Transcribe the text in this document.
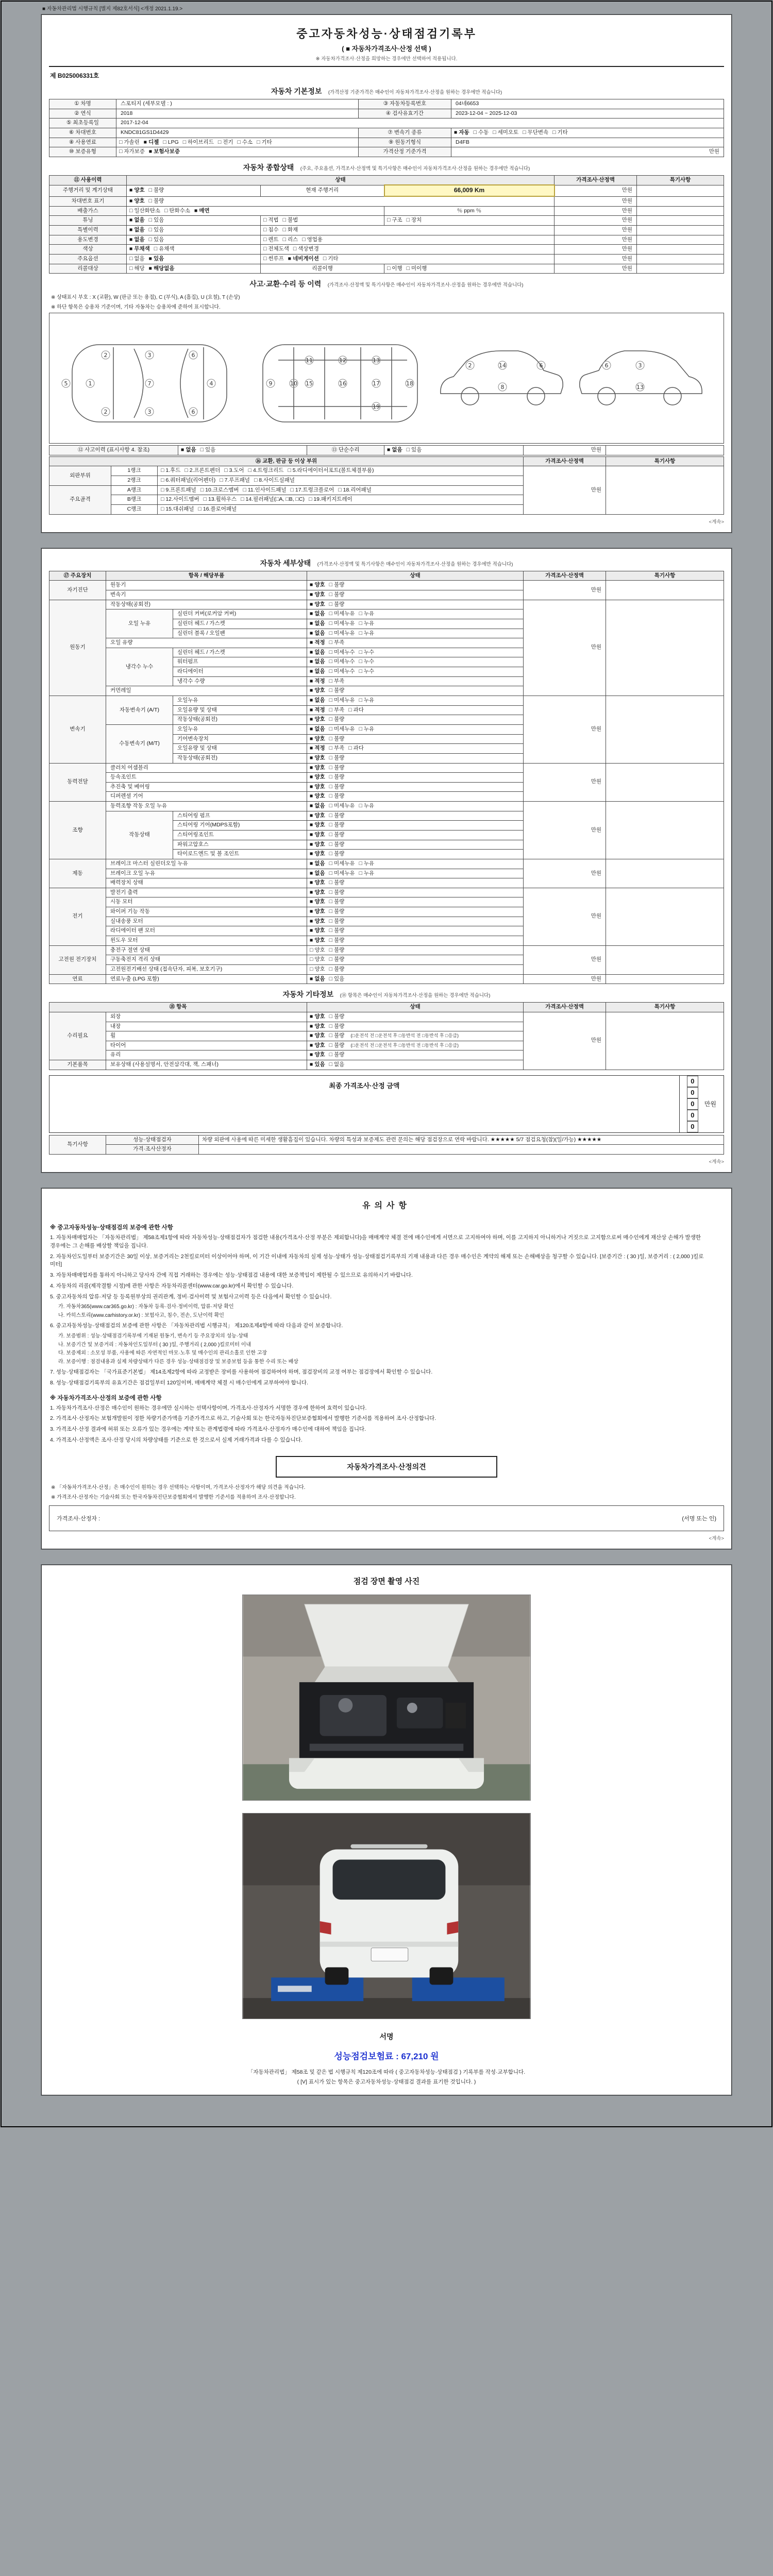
■ 자동차관리법 시행규칙 [별지 제82호서식] <개정 2021.1.19.>
중고자동차성능·상태점검기록부
( ■ 자동차가격조사·산정 선택 )
※ 자동차가격조사·산정을 희망하는 경우에만 선택하여 적용됩니다.
제 B025006331호
자동차 기본정보 (가격산정 기준가격은 매수인이 자동차가격조사·산정을 원하는 경우에만 적습니다)
① 차명	스포티지 (세부모델 : )	③ 자동차등록번호	04네6653
② 연식	2018	④ 검사유효기간	2023-12-04 ~ 2025-12-03
⑤ 최초등록일	2017-12-04		
⑥ 차대번호	KNDC81GS1D4429	⑦ 변속기 종류	■ 자동 □ 수동 □ 세미오토 □ 무단변속 □ 기타
⑧ 사용연료	□ 가솔린 ■ 디젤 □ LPG □ 하이브리드 □ 전기 □ 수소 □ 기타	⑨ 원동기형식	D4FB
⑩ 보증유형	□ 자가보증 ■ 보험사보증	가격산정 기준가격	만원
자동차 종합상태 (주요, 주요옵션, 가격조사·산정액 및 특기사항은 매수인이 자동차가격조사·산정을 원하는 경우에만 적습니다)
⑪ 사용이력	상태			가격조사·산정액	특기사항
주행거리 및 계기상태	■ 양호 □ 불량	현재 주행거리	66,009 Km	만원	
차대번호 표기	■ 양호 □ 불량			만원	
배출가스	□ 일산화탄소 □ 탄화수소 ■ 매연		％ ppm ％	만원	
튜닝	■ 없음 □ 있음	□ 적법 □ 불법	□ 구조 □ 장치	만원	
특별이력	■ 없음 □ 있음	□ 침수 □ 화재		만원	
용도변경	■ 없음 □ 있음	□ 렌트 □ 리스 □ 영업용		만원	
색상	■ 무채색 □ 유채색	□ 전체도색 □ 색상변경		만원	
주요옵션	□ 없음 ■ 있음	□ 썬루프 ■ 네비게이션 □ 기타		만원	
리콜대상	□ 해당 ■ 해당없음	리콜이행	□ 이행 □ 미이행	만원	
사고·교환·수리 등 이력 (가격조사·산정액 및 특기사항은 매수인이 자동차가격조사·산정을 원하는 경우에만 적습니다)
※ 상태표시 부호 : X (교환), W (판금 또는 용접), C (부식), A (흠집), U (요철), T (손상)
※ 하단 항목은 승용차 기준이며, 기타 자동차는 승용차에 준하여 표시합니다.
5
2	3	6
1	7	4
2	3	6
9	10
11	12	13
15	16	17	18
19
2	14	6
8
6	3
13
⑫ 사고이력 (표시사항 4. 참조)	■ 없음 □ 있음	⑬ 단순수리	■ 없음 □ 있음	만원	
⑯ 교환, 판금 등 이상 부위			가격조사·산정액	특기사항
외판부위	1랭크	□ 1.후드 □ 2.프론트펜더 □ 3.도어 □ 4.트렁크리드 □ 5.라디에이터서포트(볼트체결부품)	만원	
	2랭크	□ 6.쿼터패널(리어펜더) □ 7.루프패널 □ 8.사이드실패널		
주요골격	A랭크	□ 9.프론트패널 □ 10.크로스멤버 □ 11.인사이드패널 □ 17.트렁크플로어 □ 18.리어패널		
	B랭크	□ 12.사이드멤버 □ 13.휠하우스 □ 14.필러패널(□A, □B, □C) □ 19.패키지트레이		
	C랭크	□ 15.대쉬패널 □ 16.플로어패널		
<계속>
자동차 세부상태 (가격조사·산정액 및 특기사항은 매수인이 자동차가격조사·산정을 원하는 경우에만 적습니다)
⑰ 주요장치	항목 / 해당부품		상태	가격조사·산정액	특기사항
자기진단	원동기		■ 양호 □ 불량	만원	
	변속기		■ 양호 □ 불량		
원동기	작동상태(공회전)		■ 양호 □ 불량	만원	
	오일 누유	실린더 커버(로커암 커버)	■ 없음 □ 미세누유 □ 누유		
		실린더 헤드 / 가스켓	■ 없음 □ 미세누유 □ 누유		
		실린더 블록 / 오일팬	■ 없음 □ 미세누유 □ 누유		
	오일 유량		■ 적정 □ 부족		
	냉각수 누수	실린더 헤드 / 가스켓	■ 없음 □ 미세누수 □ 누수		
		워터펌프	■ 없음 □ 미세누수 □ 누수		
		라디에이터	■ 없음 □ 미세누수 □ 누수		
		냉각수 수량	■ 적정 □ 부족		
	커먼레일		■ 양호 □ 불량		
변속기	자동변속기 (A/T)	오일누유	■ 없음 □ 미세누유 □ 누유	만원	
		오일유량 및 상태	■ 적정 □ 부족 □ 과다		
		작동상태(공회전)	■ 양호 □ 불량		
	수동변속기 (M/T)	오일누유	■ 없음 □ 미세누유 □ 누유		
		기어변속장치	■ 양호 □ 불량		
		오일유량 및 상태	■ 적정 □ 부족 □ 과다		
		작동상태(공회전)	■ 양호 □ 불량		
동력전달	클러치 어셈블리		■ 양호 □ 불량	만원	
	등속조인트		■ 양호 □ 불량		
	추진축 및 베어링		■ 양호 □ 불량		
	디퍼렌셜 기어		■ 양호 □ 불량		
조향	동력조향 작동 오일 누유		■ 없음 □ 미세누유 □ 누유	만원	
	작동상태	스티어링 펌프	■ 양호 □ 불량		
		스티어링 기어(MDPS포함)	■ 양호 □ 불량		
		스티어링조인트	■ 양호 □ 불량		
		파워고압호스	■ 양호 □ 불량		
		타이로드엔드 및 볼 조인트	■ 양호 □ 불량		
제동	브레이크 마스터 실린더오일 누유		■ 없음 □ 미세누유 □ 누유	만원	
	브레이크 오일 누유		■ 없음 □ 미세누유 □ 누유		
	배력장치 상태		■ 양호 □ 불량		
전기	발전기 출력		■ 양호 □ 불량	만원	
	시동 모터		■ 양호 □ 불량		
	와이퍼 기능 작동		■ 양호 □ 불량		
	실내송풍 모터		■ 양호 □ 불량		
	라디에이터 팬 모터		■ 양호 □ 불량		
	윈도우 모터		■ 양호 □ 불량		
고전원 전기장치	충전구 절연 상태		□ 양호 □ 불량	만원	
	구동축전지 격리 상태		□ 양호 □ 불량		
	고전원전기배선 상태 (접속단자, 피복, 보호기구)		□ 양호 □ 불량		
연료	연료누출 (LPG 포함)		■ 없음 □ 있음	만원	
자동차 기타정보 (⑱ 항목은 매수인이 자동차가격조사·산정을 원하는 경우에만 적습니다)
⑱ 항목		상태	가격조사·산정액	특기사항
수리필요	외장	■ 양호 □ 불량	만원	
	내장	■ 양호 □ 불량		
	휠	■ 양호 □ 불량 (□운전석 전 □운전석 후 □동반석 전 □동반석 후 □응급)		
	타이어	■ 양호 □ 불량 (□운전석 전 □운전석 후 □동반석 전 □동반석 후 □응급)		
	유리	■ 양호 □ 불량		
기본품목	보유상태 (사용설명서, 안전삼각대, 잭, 스패너)	■ 있음 □ 없음		
최종 가격조사·산정 금액
0
0
0
0
0
만원
특기사항	성능·상태점검자	차량 외판에 사용에 따른 미세한 생활흠집이 있습니다. 차량의 특성과 보증제도 관련 문의는 해당 점검장으로 연락 바랍니다. ★★★★★ 5/7 점검요청(참)(일/가능) ★★★★★
	가격·조사산정자	
<계속>
유의사항
※ 중고자동차성능·상태점검의 보증에 관한 사항
1. 자동차매매업자는 「자동차관리법」 제58조제1항에 따라 자동차성능·상태점검자가 점검한 내용(가격조사·산정 부분은 제외합니다)을 매매계약 체결 전에 매수인에게 서면으로 고지하여야 하며, 이를 고지하지 아니하거나 거짓으로 고지함으로써 매수인에게 재산상 손해가 발생한 경우에는 그 손해를 배상할 책임을 집니다.
2. 자동차인도일부터 보증기간은 30일 이상, 보증거리는 2천킬로미터 이상이어야 하며, 이 기간 이내에 자동차의 실제 성능·상태가 성능·상태점검기록부의 기재 내용과 다른 경우 매수인은 계약의 해제 또는 손해배상을 청구할 수 있습니다. [보증기간 : ( 30 )일, 보증거리 : ( 2,000 )킬로미터]
3. 자동차매매업자를 통하지 아니하고 당사자 간에 직접 거래하는 경우에는 성능·상태점검 내용에 대한 보증책임이 제한될 수 있으므로 유의하시기 바랍니다.
4. 자동차의 리콜(제작결함 시정)에 관한 사항은 자동차리콜센터(www.car.go.kr)에서 확인할 수 있습니다.
5. 중고자동차의 압류·저당 등 등록원부상의 권리관계, 정비·검사이력 및 보험사고이력 등은 다음에서 확인할 수 있습니다.
가. 자동차365(www.car365.go.kr) : 자동차 등록·검사·정비이력, 압류·저당 확인
나. 카히스토리(www.carhistory.or.kr) : 보험사고, 침수, 전손, 도난이력 확인
6. 중고자동차성능·상태점검의 보증에 관한 사항은 「자동차관리법 시행규칙」 제120조제4항에 따라 다음과 같이 보증합니다.
가. 보증범위 : 성능·상태점검기록부에 기재된 원동기, 변속기 등 주요장치의 성능·상태
나. 보증기간 및 보증거리 : 자동차인도일부터 ( 30 )일, 주행거리 ( 2,000 )킬로미터 이내
다. 보증제외 : 소모성 부품, 사용에 따른 자연적인 마모·노후 및 매수인의 관리소홀로 인한 고장
라. 보증이행 : 점검내용과 실제 차량상태가 다른 경우 성능·상태점검장 및 보증보험 등을 통한 수리 또는 배상
7. 성능·상태점검자는 「국가표준기본법」 제14조제2항에 따라 교정받은 장비를 사용하여 점검하여야 하며, 점검장비의 교정 여부는 점검장에서 확인할 수 있습니다.
8. 성능·상태점검기록부의 유효기간은 점검일부터 120일이며, 매매계약 체결 시 매수인에게 교부하여야 합니다.
※ 자동차가격조사·산정의 보증에 관한 사항
1. 자동차가격조사·산정은 매수인이 원하는 경우에만 실시하는 선택사항이며, 가격조사·산정자가 서명한 경우에 한하여 효력이 있습니다.
2. 가격조사·산정자는 보험개발원이 정한 차량기준가액을 기준가격으로 하고, 기술사회 또는 한국자동차진단보증협회에서 발행한 기준서를 적용하여 조사·산정합니다.
3. 가격조사·산정 결과에 허위 또는 오류가 있는 경우에는 계약 또는 관계법령에 따라 가격조사·산정자가 매수인에 대하여 책임을 집니다.
4. 가격조사·산정액은 조사·산정 당시의 차량상태를 기준으로 한 것으로서 실제 거래가격과 다를 수 있습니다.
자동차가격조사·산정의견
※ 「자동차가격조사·산정」은 매수인이 원하는 경우 선택하는 사항이며, 가격조사·산정자가 해당 의견을 적습니다.
※ 가격조사·산정자는 기술사회 또는 한국자동차진단보증협회에서 발행한 기준서를 적용하여 조사·산정합니다.
가격조사·산정자 :	(서명 또는 인)
<계속>
점검 장면 촬영 사진
서명
성능점검보험료 : 67,210 원
「자동차관리법」 제58조 및 같은 법 시행규칙 제120조에 따라 ( 중고자동차성능·상태점검 ) 기록부를 작성·교부합니다.
( [V] 표시가 있는 항목은 중고자동차성능·상태점검 결과를 표기한 것입니다. )
